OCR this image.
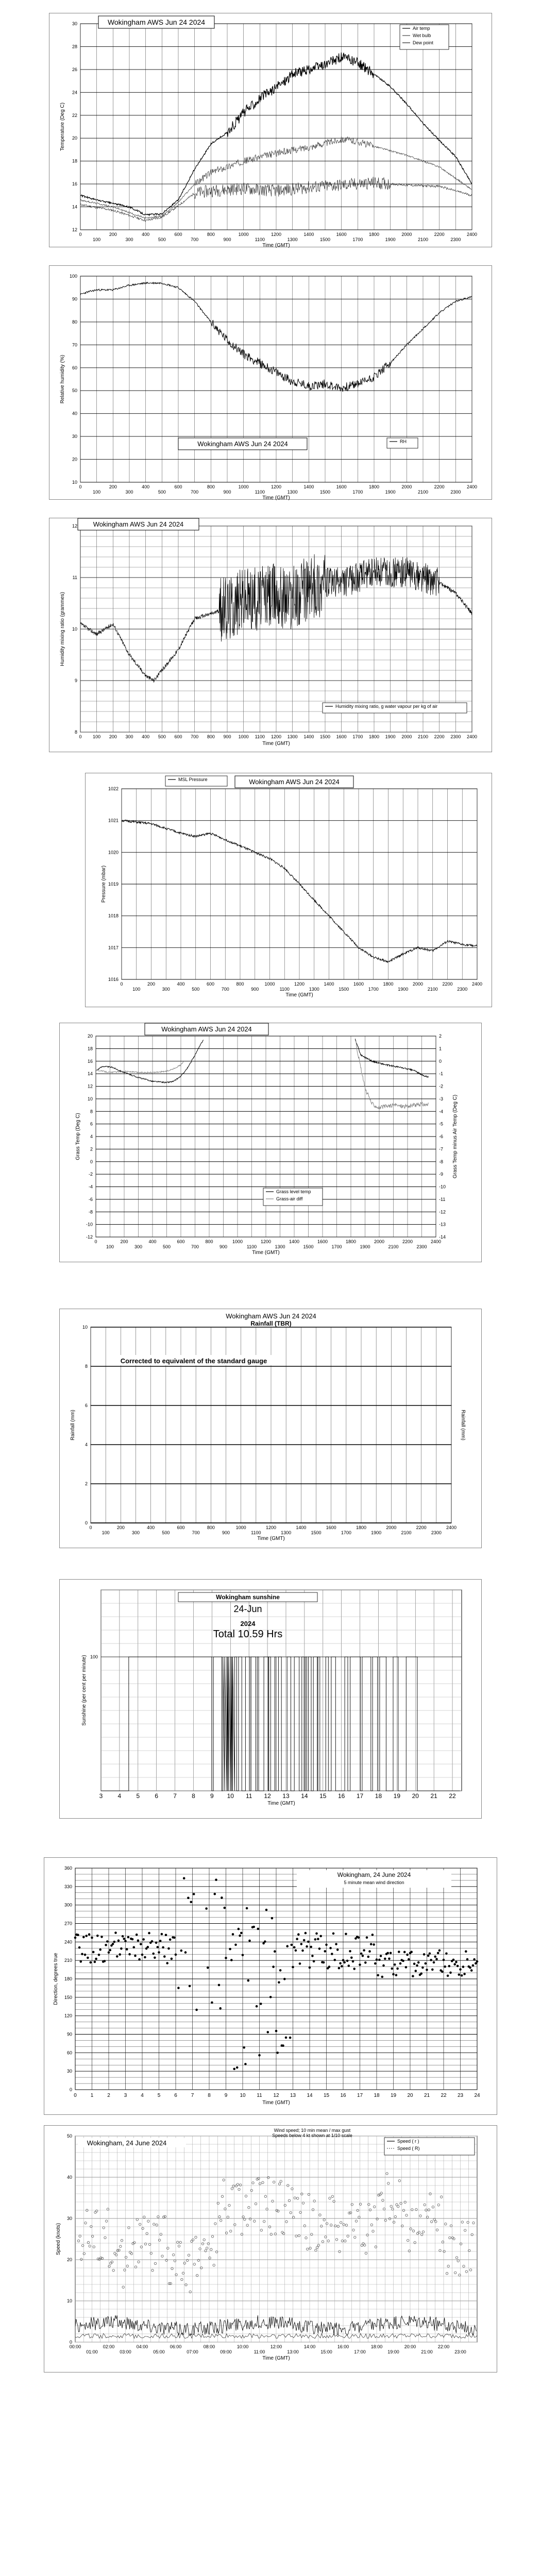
12
14
16
18
20
22
24
26
28
30
0	200	400	600	800	1000	1200	1400	1600	1800	2000	2200	2400
100	300	500	700	900	1100	1300	1500	1700	1900	2100	2300
Time (GMT)
Temperature (Deg C)
Wokingham AWS Jun 24 2024
Air temp
Wet bulb
Dew point
10
20
30
40
50
60
70
80
90
100
0	200	400	600	800	1000	1200	1400	1600	1800	2000	2200	2400
100	300	500	700	900	1100	1300	1500	1700	1900	2100	2300
Time (GMT)
Relative humidity (%)
Wokingham AWS Jun 24 2024	RH
8
9
10
11
12
0 100 200 300 400 500 600 700 800 900 1000 1100 1200 1300 1400 1500 1600 1700 1800 1900 2000 2100 2200 2300 2400
Time (GMT)
Humidity mixing ratio (grammes)
Wokingham AWS Jun 24 2024
Humidity mixing ratio, g water vapour per kg of air
1016
1017
1018
1019
1020
1021
1022
0	200	400	600	800	1000	1200	1400	1600	1800	2000	2200	2400
100	300	500	700	900	1100	1300	1500	1700	1900	2100	2300
Time (GMT)
Pressure (mbar)
MSL Pressure	Wokingham AWS Jun 24 2024
-12
-10
-8
-6
-4
-2
0
2
4
6
8
10
12
14
16
18
20
0	200	400	600	800	1000	1200	1400	1600	1800	2000	2200	2400
100	300	500	700	900	1100	1300	1500	1700	1900	2100	2300
Time (GMT)
Grass Temp (Deg C)
-14
-13
-12
-11
-10
-9
-8
-7
-6
-5
-4
-3
-2
-1
0
1
2
Grass Temp minus Air Temp (Deg C)
Wokingham AWS Jun 24 2024
Grass level temp
Grass-air diff
0
2
4
6
8
10
0	200	400	600	800	1000	1200	1400	1600	1800	2000	2200	2400
100	300	500	700	900	1100	1300	1500	1700	1900	2100	2300
Time (GMT)
Rainfall (mm)	Rainfall (mm)
Wokingham AWS Jun 24 2024
Rainfall (TBR)
Corrected to equivalent of the standard gauge
100
3 4 5 6 7 8 9 10 11 12 13 14 15 16 17 18 19 20 21 22
Time (GMT)
Sunshine (per cent per minute)
Wokingham sunshine
24-Jun
2024
Total 10.59 Hrs
0
30
60
90
120
150
180
210
240
270
300
330
360
0	1	2	3	4	5	6	7	8	9 10 11 12 13 14 15 16 17 18 19 20 21 22 23 24
Time (GMT)
Direction, degrees true
Wokingham, 24 June 2024
5 minute mean wind direction
0
10
20
30
40
50
00:00	02:00	04:00	06:00	08:00	10:00	12:00	14:00	16:00	18:00	20:00	22:00
01:00	03:00	05:00	07:00	09:00	11:00	13:00	15:00	17:00	19:00	21:00	23:00
Time (GMT)
Speed (knots)
Wokingham, 24 June 2024
Wind speed; 10 min mean / max gust
Speeds below 4 kt shown at 1/10 scale
Speed ( r )
Speed ( R)
